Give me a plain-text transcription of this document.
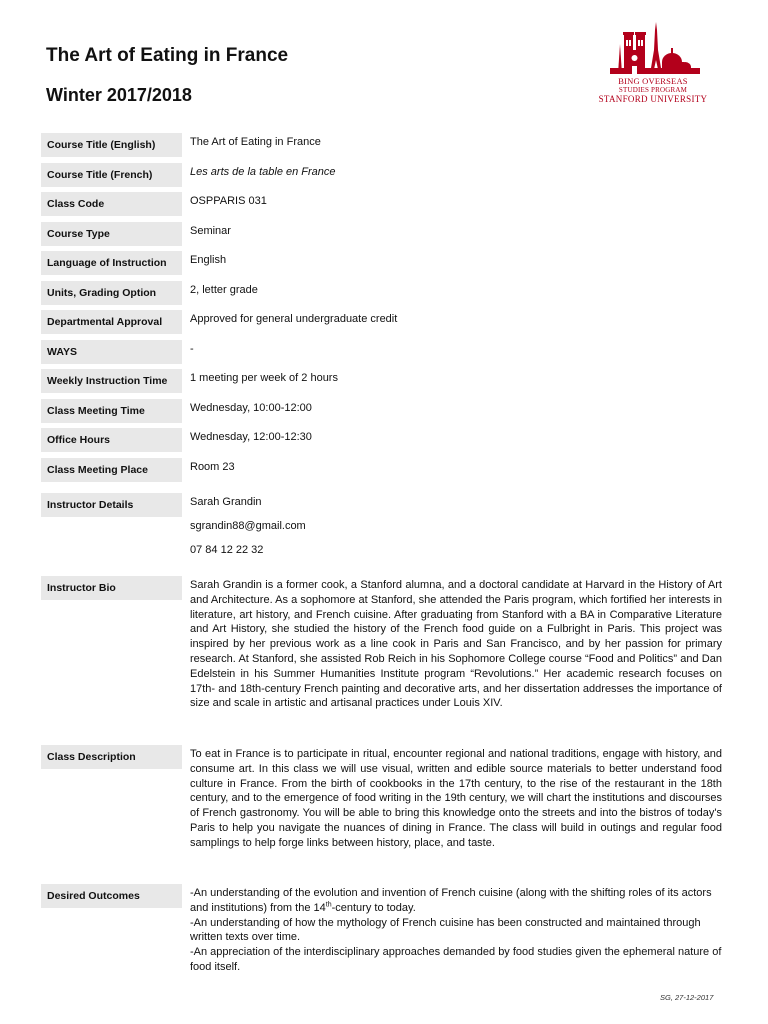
The Art of Eating in France
Winter 2017/2018
BING OVERSEAS
STUDIES PROGRAM
STANFORD UNIVERSITY
Course Title (English)	The Art of Eating in France
Course Title (French)	Les arts de la table en France
Class Code	OSPPARIS 031
Course Type	Seminar
Language of Instruction	English
Units, Grading Option	2, letter grade
Departmental Approval	Approved for general undergraduate credit
WAYS	-
Weekly Instruction Time	1 meeting per week of 2 hours
Class Meeting Time	Wednesday, 10:00-12:00
Office Hours	Wednesday, 12:00-12:30
Class Meeting Place	Room 23
Instructor Details	Sarah Grandin

sgrandin88@gmail.com

07 84 12 22 32

Instructor Bio	Sarah Grandin is a former cook, a Stanford alumna, and a doctoral candidate at Harvard in the History of Art and Architecture. As a sophomore at Stanford, she attended the Paris program, which fortified her interests in literature, art history, and French cuisine. After graduating from Stanford with a BA in Comparative Literature and Art History, she studied the history of the French food guide on a Fulbright in Paris. This project was inspired by her previous work as a line cook in Paris and San Francisco, and by her passion for primary research. At Stanford, she assisted Rob Reich in his Sophomore College course “Food and Politics” and Dan Edelstein in his Summer Humanities Institute program “Revolutions.” Her academic research focuses on 17th- and 18th-century French painting and decorative arts, and her dissertation addresses the importance of size and scale in artistic and artisanal practices under Louis XIV.
Class Description	To eat in France is to participate in ritual, encounter regional and national traditions, engage with history, and consume art. In this class we will use visual, written and edible source materials to better understand food culture in France. From the birth of cookbooks in the 17th century, to the rise of the restaurant in the 18th century, and to the emergence of food writing in the 19th century, we will chart the institutions and discourses of French gastronomy. You will be able to bring this knowledge onto the streets and into the bistros of today's Paris to help you navigate the nuances of dining in France. The class will build in outings and regular food samplings to help forge links between history, place, and taste.
Desired Outcomes	-An understanding of the evolution and invention of French cuisine (along with the shifting roles of its actors and institutions) from the 14th-century to today.

-An understanding of how the mythology of French cuisine has been constructed and maintained through written texts over time.

-An appreciation of the interdisciplinary approaches demanded by food studies given the ephemeral nature of food itself.

SG, 27-12-2017
